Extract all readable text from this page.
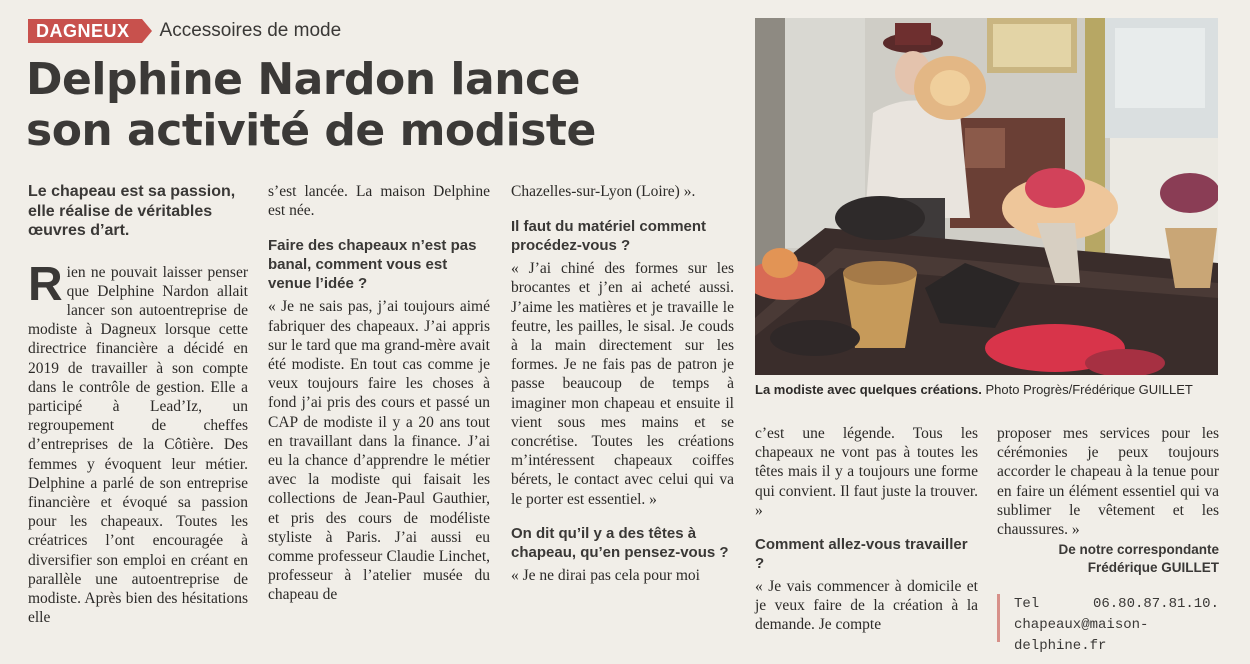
DAGNEUX	Accessoires de mode
Delphine Nardon lance
son activité de modiste

Le chapeau est sa passion, elle réalise de véritables œuvres d’art.

Rien ne pouvait laisser penser que Delphine Nardon allait lancer son autoentreprise de modiste à Dagneux lorsque cette directrice financière a décidé en 2019 de travailler à son compte dans le contrôle de gestion. Elle a participé à Lead’Iz, un regroupement de cheffes d’entreprises de la Côtière. Des femmes y évoquent leur métier. Delphine a parlé de son entreprise financière et évoqué sa passion pour les chapeaux. Toutes les créatrices l’ont encouragée à diversifier son emploi en créant en parallèle une autoentreprise de modiste. Après bien des hésitations elle

s’est lancée. La maison Delphine est née.

Faire des chapeaux n’est pas banal, comment vous est venue l’idée ?

« Je ne sais pas, j’ai toujours aimé fabriquer des chapeaux. J’ai appris sur le tard que ma grand-mère avait été modiste. En tout cas comme je veux toujours faire les choses à fond j’ai pris des cours et passé un CAP de modiste il y a 20 ans tout en travaillant dans la finance. J’ai eu la chance d’apprendre le métier avec la modiste qui faisait les collections de Jean-Paul Gauthier, et pris des cours de modéliste styliste à Paris. J’ai aussi eu comme professeur Claudie Linchet, professeur à l’atelier musée du chapeau de

Chazelles-sur-Lyon (Loire) ».

Il faut du matériel comment procédez-vous ?

« J’ai chiné des formes sur les brocantes et j’en ai acheté aussi. J’aime les matières et je travaille le feutre, les pailles, le sisal. Je couds à la main directement sur les formes. Je ne fais pas de patron je passe beaucoup de temps à imaginer mon chapeau et ensuite il vient sous mes mains et se concrétise. Toutes les créations m’intéressent chapeaux coiffes bérets, le contact avec celui qui va le porter est essentiel. »

On dit qu’il y a des têtes à chapeau, qu’en pensez-vous ?

« Je ne dirai pas cela pour moi

La modiste avec quelques créations. Photo Progrès/Frédérique GUILLET

c’est une légende. Tous les chapeaux ne vont pas à toutes les têtes mais il y a toujours une forme qui convient. Il faut juste la trouver. »

Comment allez-vous travailler ?

« Je vais commencer à domicile et je veux faire de la création à la demande. Je compte

proposer mes services pour les cérémonies je peux toujours accorder le chapeau à la tenue pour en faire un élément essentiel qui va sublimer le vêtement et les chaussures. »

De notre correspondante

Frédérique GUILLET

Tel 06.80.87.81.10. chapeaux@maison-delphine.fr
